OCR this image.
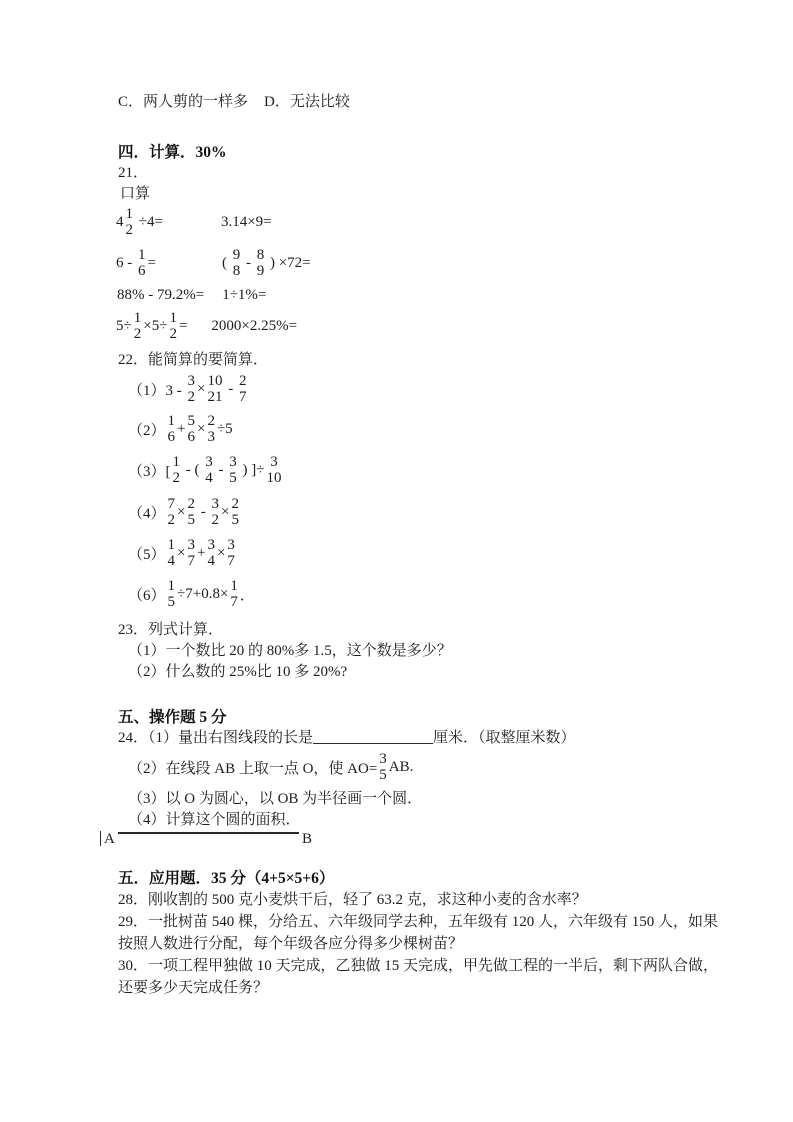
C．两人剪的一样多 D．无法比较
四．计算．30%
21．
口算
4 1
2 ÷4=	3.14×9=
6 - 1
6 =	( 9
8 - 8
9 ) ×72=
88% - 79.2%= 1÷1%=
5÷ 1
2 ×5÷ 1
2 = 2000×2.25%=
22．能简算的要简算．
（1）3 -
3
2 × 10
21 - 2
7
（2）
1
6 + 5
6 × 2
3 ÷5
（3）[
1
2 - ( 3
4 - 3
5 ) ]÷ 3
10
（4）
7
2 × 2
5 - 3
2 × 2
5
（5）
1
4 × 3
7 + 3
4 × 3
7
（6）
1
5 ÷7+0.8× 1
7 ．
23．列式计算．
（1）一个数比 20 的 80%多 1.5，这个数是多少？
（2）什么数的 25%比 10 多 20%?
五、操作题 5 分
24．（1）量出右图线段的长是	厘米．（取整厘米数）
（2）在线段 AB 上取一点 O，使 AO=
3
5 AB.
（3）以 O 为圆心，以 OB 为半径画一个圆．
（4）计算这个圆的面积．
A	B
五．应用题．35 分（4+5×5+6）
28．刚收割的 500 克小麦烘干后，轻了 63.2 克，求这种小麦的含水率？
29．一批树苗 540 棵，分给五、六年级同学去种，五年级有 120 人，六年级有 150 人，如果
按照人数进行分配，每个年级各应分得多少棵树苗？
30．一项工程甲独做 10 天完成，乙独做 15 天完成，甲先做工程的一半后，剩下两队合做，
还要多少天完成任务？
